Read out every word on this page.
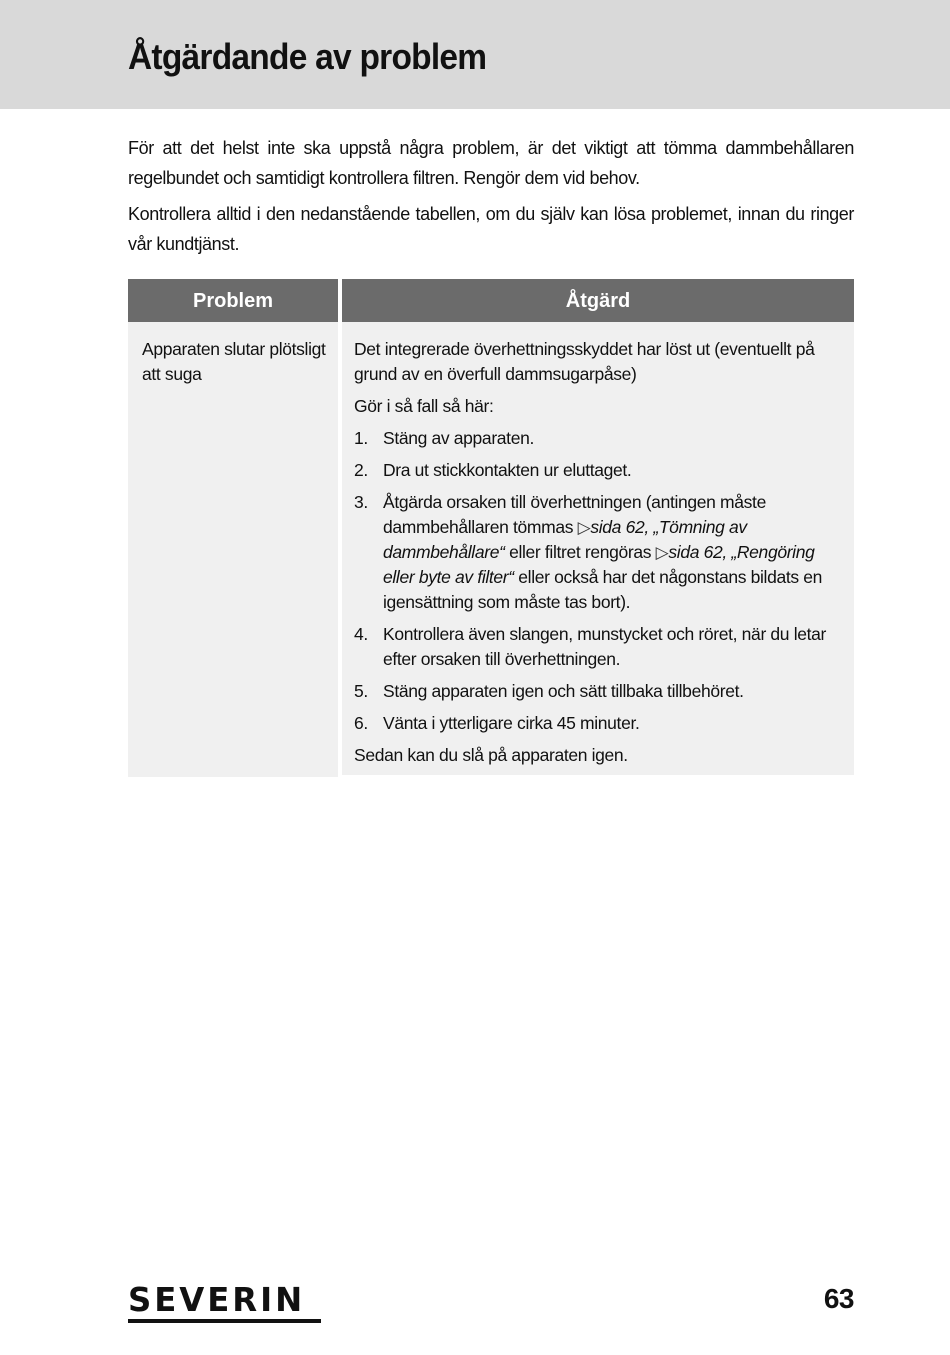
Åtgärdande av problem

För att det helst inte ska uppstå några problem, är det viktigt att tömma dammbehållaren regelbundet och samtidigt kontrollera filtren. Rengör dem vid behov.

Kontrollera alltid i den nedanstående tabellen, om du själv kan lösa problemet, innan du ringer vår kundtjänst.

Problem	Åtgärd

Apparaten slutar plötsligt att suga

Det integrerade överhettningsskyddet har löst ut (eventuellt på grund av en överfull dammsugarpåse)

Gör i så fall så här:

1. Stäng av apparaten.
2. Dra ut stickkontakten ur eluttaget.
3. Åtgärda orsaken till överhettningen (antingen måste dammbehållaren tömmas ▷sida 62, „Tömning av dammbehållare“ eller filtret rengöras ▷sida 62, „Rengöring eller byte av filter“ eller också har det någonstans bildats en igensättning som måste tas bort).
4. Kontrollera även slangen, munstycket och röret, när du letar efter orsaken till överhettningen.
5. Stäng apparaten igen och sätt tillbaka tillbehöret.
6. Vänta i ytterligare cirka 45 minuter.

Sedan kan du slå på apparaten igen.

SEVERIN	63
